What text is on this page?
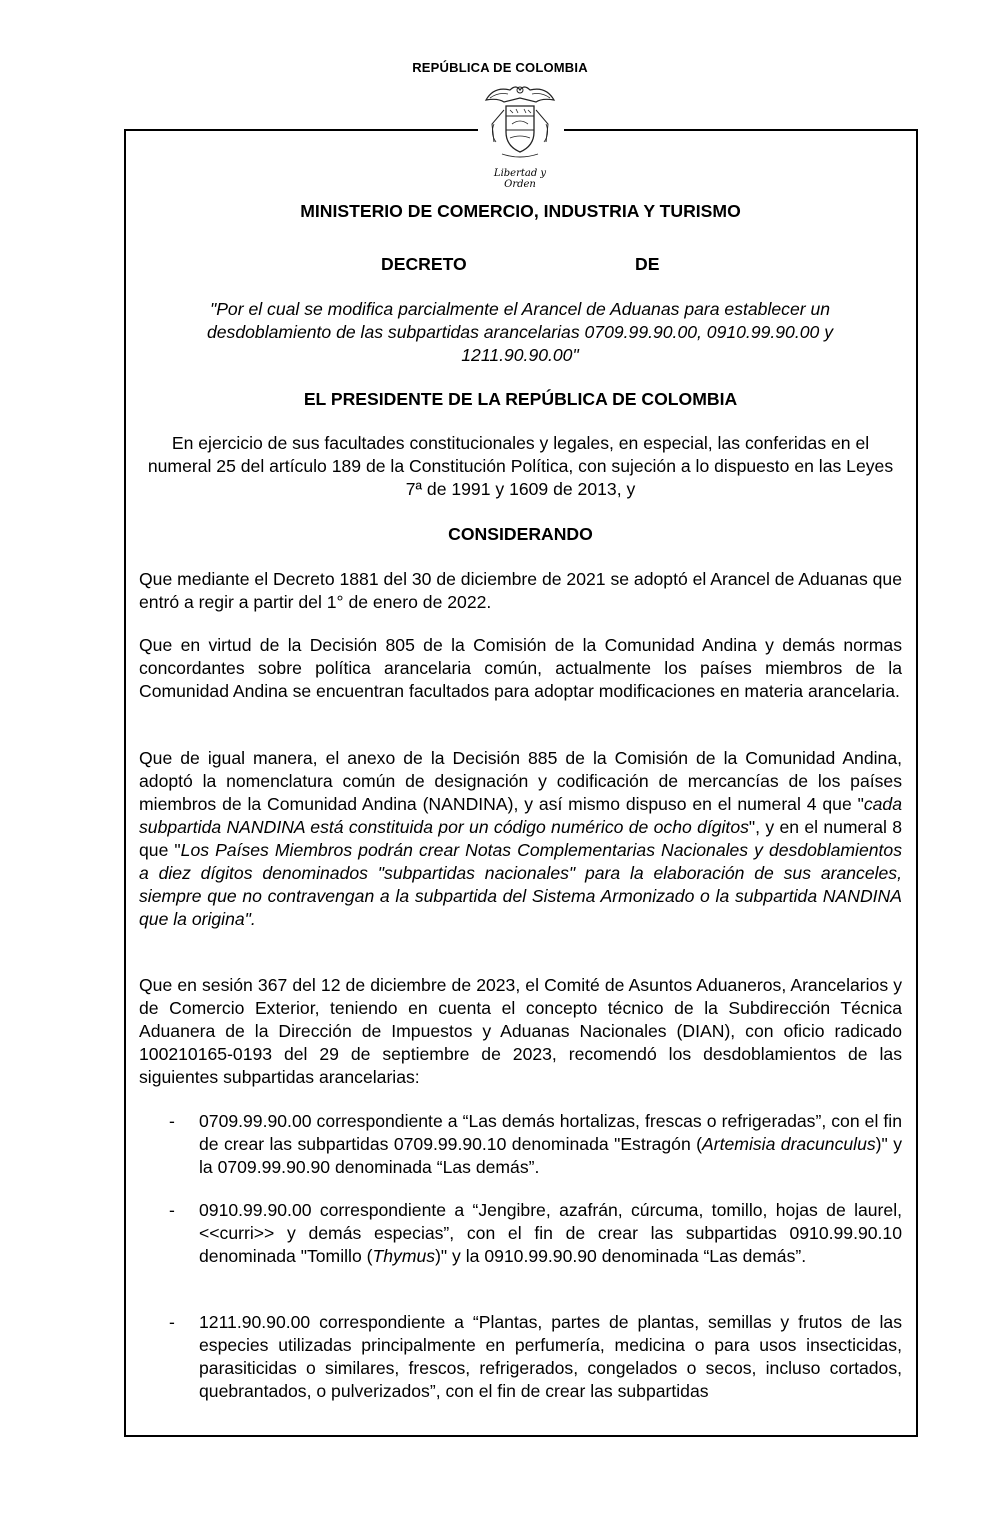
REPÚBLICA DE COLOMBIA
Libertad y Orden
MINISTERIO DE COMERCIO, INDUSTRIA Y TURISMO
DECRETO	DE
"Por el cual se modifica parcialmente el Arancel de Aduanas para establecer un desdoblamiento de las subpartidas arancelarias 0709.99.90.00, 0910.99.90.00 y 1211.90.90.00"
EL PRESIDENTE DE LA REPÚBLICA DE COLOMBIA
En ejercicio de sus facultades constitucionales y legales, en especial, las conferidas en el numeral 25 del artículo 189 de la Constitución Política, con sujeción a lo dispuesto en las Leyes 7ª de 1991 y 1609 de 2013, y
CONSIDERANDO
Que mediante el Decreto 1881 del 30 de diciembre de 2021 se adoptó el Arancel de Aduanas que entró a regir a partir del 1° de enero de 2022.
Que en virtud de la Decisión 805 de la Comisión de la Comunidad Andina y demás normas concordantes sobre política arancelaria común, actualmente los países miembros de la Comunidad Andina se encuentran facultados para adoptar modificaciones en materia arancelaria.
Que de igual manera, el anexo de la Decisión 885 de la Comisión de la Comunidad Andina, adoptó la nomenclatura común de designación y codificación de mercancías de los países miembros de la Comunidad Andina (NANDINA), y así mismo dispuso en el numeral 4 que "cada subpartida NANDINA está constituida por un código numérico de ocho dígitos", y en el numeral 8 que "Los Países Miembros podrán crear Notas Complementarias Nacionales y desdoblamientos a diez dígitos denominados "subpartidas nacionales" para la elaboración de sus aranceles, siempre que no contravengan a la subpartida del Sistema Armonizado o la subpartida NANDINA que la origina".
Que en sesión 367 del 12 de diciembre de 2023, el Comité de Asuntos Aduaneros, Arancelarios y de Comercio Exterior, teniendo en cuenta el concepto técnico de la Subdirección Técnica Aduanera de la Dirección de Impuestos y Aduanas Nacionales (DIAN), con oficio radicado 100210165-0193 del 29 de septiembre de 2023, recomendó los desdoblamientos de las siguientes subpartidas arancelarias:
- 0709.99.90.00 correspondiente a “Las demás hortalizas, frescas o refrigeradas”, con el fin de crear las subpartidas 0709.99.90.10 denominada "Estragón (Artemisia dracunculus)" y la 0709.99.90.90 denominada “Las demás”.
- 0910.99.90.00 correspondiente a “Jengibre, azafrán, cúrcuma, tomillo, hojas de laurel, <<curri>> y demás especias”, con el fin de crear las subpartidas 0910.99.90.10 denominada "Tomillo (Thymus)" y la 0910.99.90.90 denominada “Las demás”.
- 1211.90.90.00 correspondiente a “Plantas, partes de plantas, semillas y frutos de las especies utilizadas principalmente en perfumería, medicina o para usos insecticidas, parasiticidas o similares, frescos, refrigerados, congelados o secos, incluso cortados, quebrantados, o pulverizados”, con el fin de crear las subpartidas
